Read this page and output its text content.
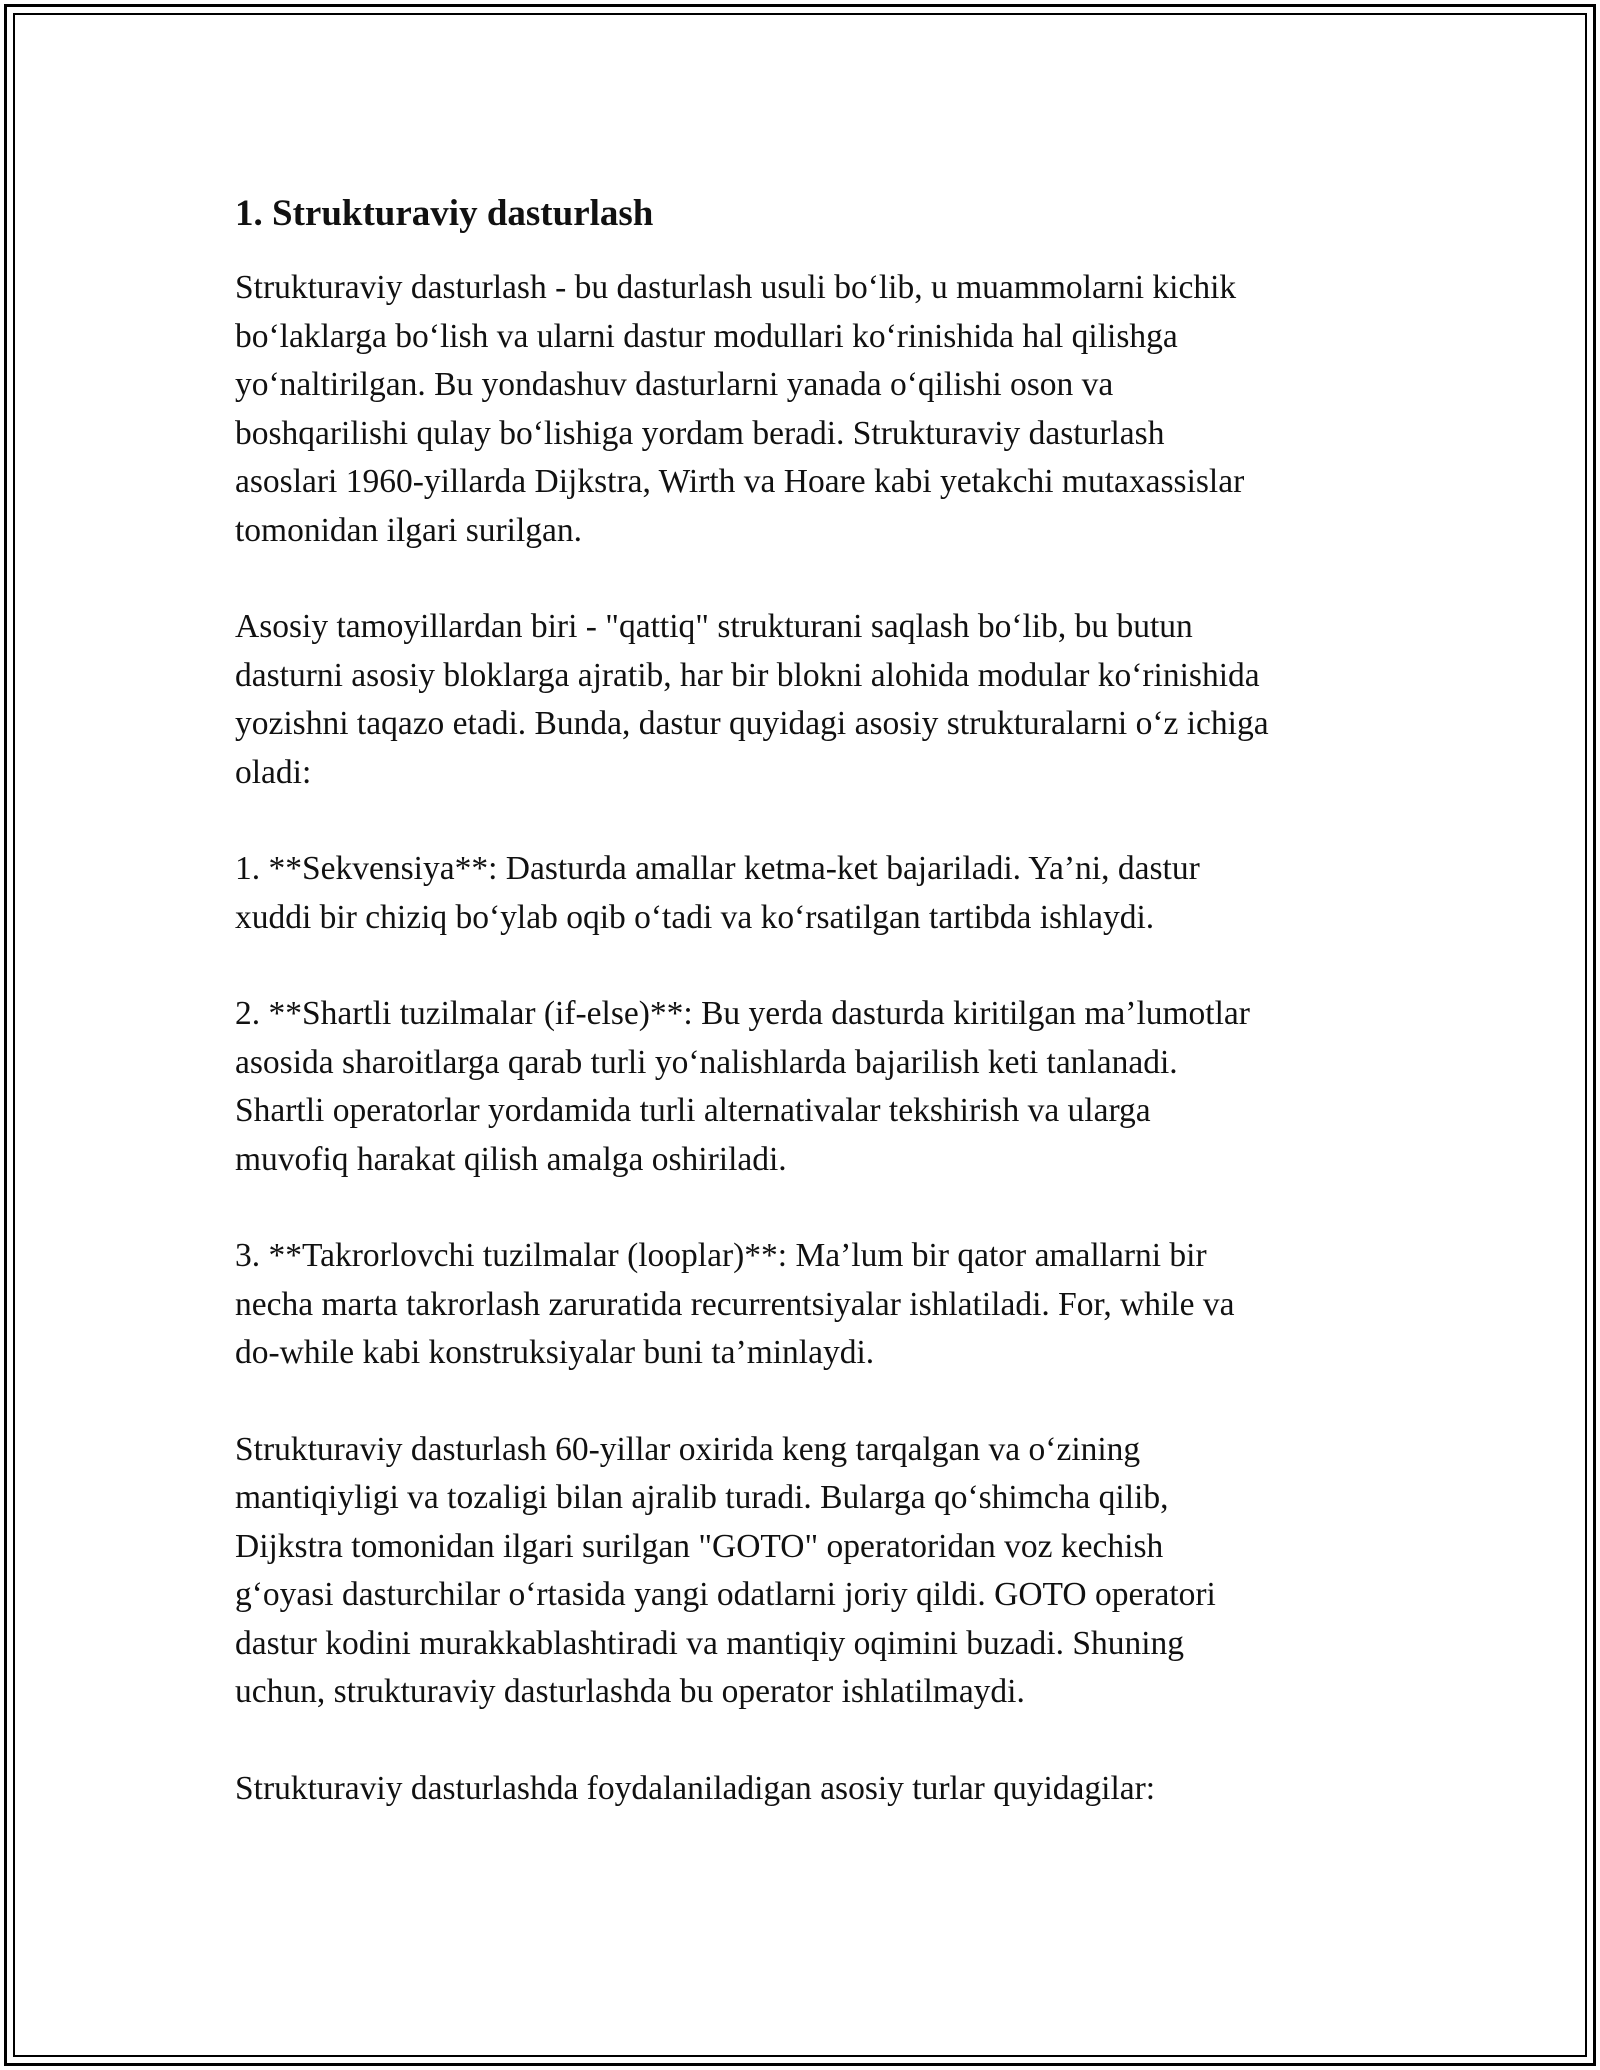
1. Strukturaviy dasturlash

Strukturaviy dasturlash - bu dasturlash usuli boʻlib, u muammolarni kichik
boʻlaklarga boʻlish va ularni dastur modullari koʻrinishida hal qilishga
yoʻnaltirilgan. Bu yondashuv dasturlarni yanada oʻqilishi oson va
boshqarilishi qulay boʻlishiga yordam beradi. Strukturaviy dasturlash
asoslari 1960-yillarda Dijkstra, Wirth va Hoare kabi yetakchi mutaxassislar
tomonidan ilgari surilgan.

Asosiy tamoyillardan biri - "qattiq" strukturani saqlash boʻlib, bu butun
dasturni asosiy bloklarga ajratib, har bir blokni alohida modular koʻrinishida
yozishni taqazo etadi. Bunda, dastur quyidagi asosiy strukturalarni oʻz ichiga
oladi:

1. **Sekvensiya**: Dasturda amallar ketma-ket bajariladi. Ya’ni, dastur
xuddi bir chiziq boʻylab oqib oʻtadi va koʻrsatilgan tartibda ishlaydi.

2. **Shartli tuzilmalar (if-else)**: Bu yerda dasturda kiritilgan ma’lumotlar
asosida sharoitlarga qarab turli yoʻnalishlarda bajarilish keti tanlanadi.
Shartli operatorlar yordamida turli alternativalar tekshirish va ularga
muvofiq harakat qilish amalga oshiriladi.

3. **Takrorlovchi tuzilmalar (looplar)**: Ma’lum bir qator amallarni bir
necha marta takrorlash zaruratida recurrentsiyalar ishlatiladi. For, while va
do-while kabi konstruksiyalar buni ta’minlaydi.

Strukturaviy dasturlash 60-yillar oxirida keng tarqalgan va oʻzining
mantiqiyligi va tozaligi bilan ajralib turadi. Bularga qoʻshimcha qilib,
Dijkstra tomonidan ilgari surilgan "GOTO" operatoridan voz kechish
gʻoyasi dasturchilar oʻrtasida yangi odatlarni joriy qildi. GOTO operatori
dastur kodini murakkablashtiradi va mantiqiy oqimini buzadi. Shuning
uchun, strukturaviy dasturlashda bu operator ishlatilmaydi.

Strukturaviy dasturlashda foydalaniladigan asosiy turlar quyidagilar:
